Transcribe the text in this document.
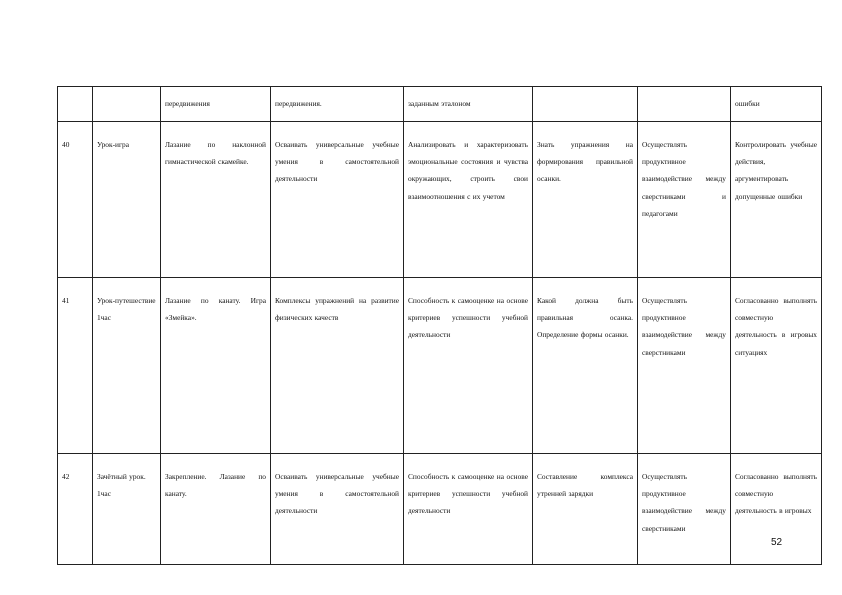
		передвижения	передвижения.	заданным эталоном			ошибки
40	Урок-игра	Лазание по наклонной гимнастической скамейке.	Осваивать универсальные учебные умения в самостоятельной деятельности	Анализировать и характеризовать эмоциональные состояния и чувства окружающих, строить свои взаимоотношения с их учетом	Знать упражнения на формирования правильной осанки.	Осуществлять продуктивное взаимодействие между сверстниками и педагогами	Контролировать учебные действия, аргументировать допущенные ошибки
41	Урок-путешествие 1час	Лазание по канату. Игра «Змейка».	Комплексы упражнений на развитие физических качеств	Способность к самооценке на основе критериев успешности учебной деятельности	Какой должна быть правильная осанка. Определение формы осанки.	Осуществлять продуктивное взаимодействие между сверстниками	Согласованно выполнять совместную деятельность в игровых ситуациях
42	Зачётный урок. 1час	Закрепление. Лазание по канату.	Осваивать универсальные учебные умения в самостоятельной деятельности	Способность к самооценке на основе критериев успешности учебной деятельности	Составление комплекса утренней зарядки	Осуществлять продуктивное взаимодействие между сверстниками	Согласованно выполнять совместную деятельность в игровых
52
